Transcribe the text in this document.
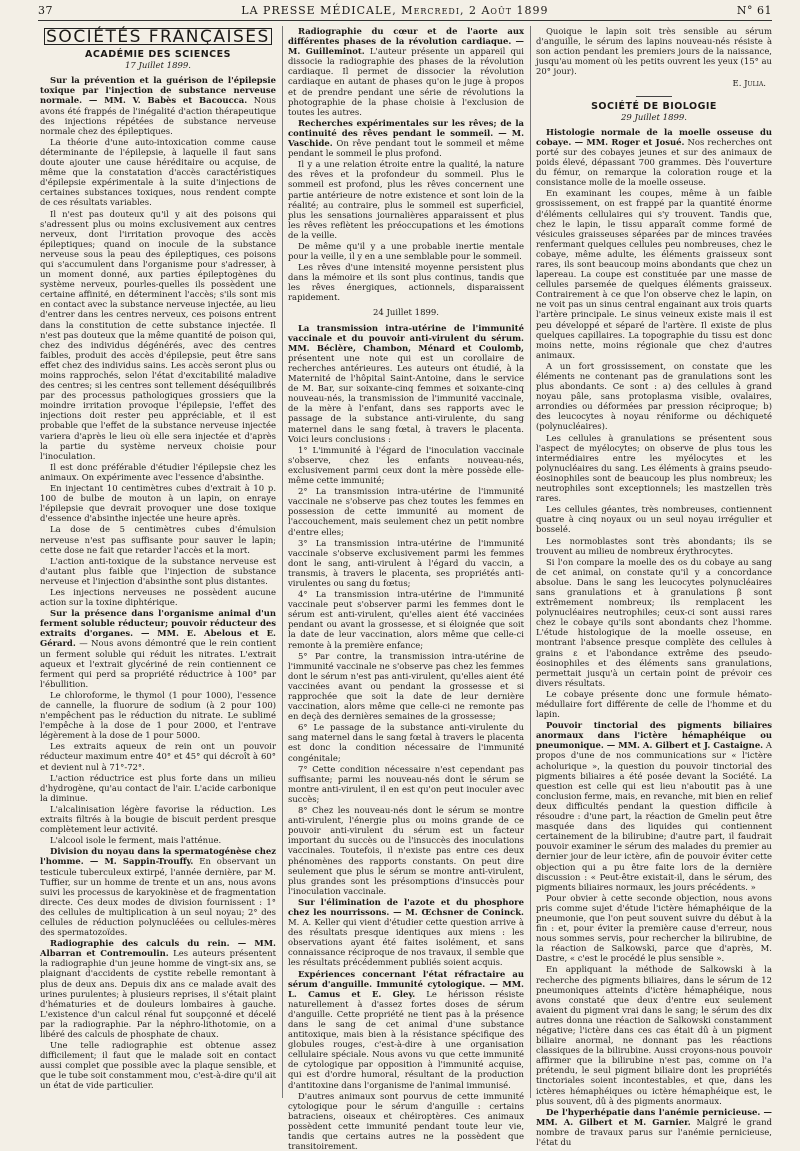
37	LA PRESSE MÉDICALE, Mercredi, 2 Août 1899	N° 61
SOCIÉTÉS FRANÇAISES
ACADÉMIE DES SCIENCES
17 Juillet 1899.

Sur la prévention et la guérison de l'épilepsie toxique par l'injection de substance nerveuse normale. — MM. V. Babès et Bacoucca. Nous avons été frappés de l'inégalité d'action thérapeutique des injections répétées de substance nerveuse normale chez des épileptiques.

La théorie d'une auto-intoxication comme cause déterminante de l'épilepsie, à laquelle il faut sans doute ajouter une cause héréditaire ou acquise, de même que la constatation d'accès caractéristiques d'épilepsie expérimentale à la suite d'injections de certaines substances toxiques, nous rendent compte de ces résultats variables.

Il n'est pas douteux qu'il y ait des poisons qui s'adressent plus ou moins exclusivement aux centres nerveux, dont l'irritation provoque des accès épileptiques; quand on inocule de la substance nerveuse sous la peau des épileptiques, ces poisons qui s'accumulent dans l'organisme pour s'adresser, à un moment donné, aux parties épileptogènes du système nerveux, pourles-quelles ils possèdent une certaine affinité, en déterminent l'accès; s'ils sont mis en contact avec la substance nerveuse injectée, au lieu d'entrer dans les centres nerveux, ces poisons entrent dans la constitution de cette substance injectée. Il n'est pas douteux que la même quantité de poison qui, chez des individus dégénérés, avec des centres faibles, produit des accès d'épilepsie, peut être sans effet chez des individus sains. Les accès seront plus ou moins rapprochés, selon l'état d'excitabilité maladive des centres; si les centres sont tellement déséquilibrés par des processus pathologiques grossiers que la moindre irritation provoque l'épilepsie, l'effet des injections doit rester peu appréciable, et il est probable que l'effet de la substance nerveuse injectée variera d'après le lieu où elle sera injectée et d'après la partie du système nerveux choisie pour l'inoculation.

Il est donc préférable d'étudier l'épilepsie chez les animaux. On expérimente avec l'essence d'absinthe.

En injectant 10 centimètres cubes d'extrait à 10 p. 100 de bulbe de mouton à un lapin, on enraye l'épilepsie que devrait provoquer une dose toxique d'essence d'absinthe injectée une heure après.

La dose de 5 centimètres cubes d'émulsion nerveuse n'est pas suffisante pour sauver le lapin; cette dose ne fait que retarder l'accès et la mort.

L'action anti-toxique de la substance nerveuse est d'autant plus faible que l'injection de substance nerveuse et l'injection d'absinthe sont plus distantes.

Les injections nerveuses ne possèdent aucune action sur la toxine diphtérique.

Sur la présence dans l'organisme animal d'un ferment soluble réducteur; pouvoir réducteur des extraits d'organes. — MM. E. Abelous et E. Gérard. — Nous avons démontré que le rein contient un ferment soluble qui réduit les nitrates. L'extrait aqueux et l'extrait glycériné de rein contiennent ce ferment qui perd sa propriété réductrice à 100° par l'ébullition.

Le chloroforme, le thymol (1 pour 1000), l'essence de cannelle, la fluorure de sodium (à 2 pour 100) n'empêchent pas le réduction du nitrate. Le sublimé l'empêche à la dose de 1 pour 2000, et l'entrave légèrement à la dose de 1 pour 5000.

Les extraits aqueux de rein ont un pouvoir réducteur maximum entre 40° et 45° qui décroît à 60° et devient nul à 71°-72°.

L'action réductrice est plus forte dans un milieu d'hydrogène, qu'au contact de l'air. L'acide carbonique la diminue.

L'alcalinisation légère favorise la réduction. Les extraits filtrés à la bougie de biscuit perdent presque complètement leur activité.

L'alcool isole le ferment, mais l'atténue.

Division du noyau dans la spermatogénèse chez l'homme. — M. Sappin-Trouffy. En observant un testicule tuberculeux extirpé, l'année dernière, par M. Tuffier, sur un homme de trente et un ans, nous avons suivi les processus de karyokinèse et de fragmentation directe. Ces deux modes de division fournissent : 1° des cellules de multiplication à un seul noyau; 2° des cellules de réduction polynucléées ou cellules-mères des spermatozoïdes.

Radiographie des calculs du rein. — MM. Albarran et Contremoulin. Les auteurs présentent la radiographie d'un jeune homme de vingt-six ans, se plaignant d'accidents de cystite rebelle remontant à plus de deux ans. Depuis dix ans ce malade avait des urines purulentes; à plusieurs reprises, il s'était plaint d'hématuries et de douleurs lombaires à gauche. L'existence d'un calcul rénal fut soupçonné et décelé par la radiographie. Par la néphro-lithotomie, on a libéré des calculs de phosphate de chaux.

Une telle radiographie est obtenue assez difficilement; il faut que le malade soit en contact aussi complet que possible avec la plaque sensible, et que le tube soit constamment mou, c'est-à-dire qu'il ait un état de vide particulier.

Radiographie du cœur et de l'aorte aux différentes phases de la révolution cardiaque. — M. Guilleminot. L'auteur présente un appareil qui dissocie la radiographie des phases de la révolution cardiaque. Il permet de dissocier la révolution cardiaque en autant de phases qu'on le juge à propos et de prendre pendant une série de révolutions la photographie de la phase choisie à l'exclusion de toutes les autres.

Recherches expérimentales sur les rêves; de la continuité des rêves pendant le sommeil. — M. Vaschide. On rêve pendant tout le sommeil et même pendant le sommeil le plus profond.

Il y a une relation étroite entre la qualité, la nature des rêves et la profondeur du sommeil. Plus le sommeil est profond, plus les rêves concernent une partie antérieure de notre existence et sont loin de la réalité; au contraire, plus le sommeil est superficiel, plus les sensations journalières apparaissent et plus les rêves reflètent les préoccupations et les émotions de la veille.

De même qu'il y a une probable inertie mentale pour la veille, il y en a une semblable pour le sommeil.

Les rêves d'une intensité moyenne persistent plus dans la mémoire et ils sont plus continus, tandis que les rêves énergiques, actionnels, disparaissent rapidement.

24 Juillet 1899.

La transmission intra-utérine de l'immunité vaccinale et du pouvoir anti-virulent du sérum. MM. Béclère, Chambon, Ménard et Coulomb, présentent une note qui est un corollaire de recherches antérieures. Les auteurs ont étudié, à la Maternité de l'hôpital Saint-Antoine, dans le service de M. Bar, sur soixante-cinq femmes et soixante-cinq nouveau-nés, la transmission de l'immunité vaccinale, de la mère à l'enfant, dans ses rapports avec le passage de la substance anti-virulente, du sang maternel dans le sang fœtal, à travers le placenta. Voici leurs conclusions :

1° L'immunité à l'égard de l'inoculation vaccinale s'observe, chez les enfants nouveau-nés, exclusivement parmi ceux dont la mère possède elle-même cette immunité;

2° La transmission intra-utérine de l'immunité vaccinale ne s'observe pas chez toutes les femmes en possession de cette immunité au moment de l'accouchement, mais seulement chez un petit nombre d'entre elles;

3° La transmission intra-utérine de l'immunité vaccinale s'observe exclusivement parmi les femmes dont le sang, anti-virulent à l'égard du vaccin, a transmis, à travers le placenta, ses propriétés anti-virulentes ou sang du fœtus;

4° La transmission intra-utérine de l'immunité vaccinale peut s'observer parmi les femmes dont le sérum est anti-virulent, qu'elles aient été vaccinées pendant ou avant la grossesse, et si éloignée que soit la date de leur vaccination, alors même que celle-ci remonte à la première enfance;

5° Par contre, la transmission intra-utérine de l'immunité vaccinale ne s'observe pas chez les femmes dont le sérum n'est pas anti-virulent, qu'elles aient été vaccinées avant ou pendant la grossesse et si rapprochée que soit la date de leur dernière vaccination, alors même que celle-ci ne remonte pas en deçà des dernières semaines de la grossesse;

6° Le passage de la substance anti-virulente du sang maternel dans le sang fœtal à travers le placenta est donc la condition nécessaire de l'immunité congénitale;

7° Cette condition nécessaire n'est cependant pas suffisante; parmi les nouveau-nés dont le sérum se montre anti-virulent, il en est qu'on peut inoculer avec succès;

8° Chez les nouveau-nés dont le sérum se montre anti-virulent, l'énergie plus ou moins grande de ce pouvoir anti-virulent du sérum est un facteur important du succès ou de l'insuccès des inoculations vaccinales. Toutefois, il n'existe pas entre ces deux phénomènes des rapports constants. On peut dire seulement que plus le sérum se montre anti-virulent, plus grandes sont les présomptions d'insuccès pour l'inoculation vaccinale.

Sur l'élimination de l'azote et du phosphore chez les nourrissons. — M. Œchsner de Coninck. M. A. Keller qui vient d'étudier cette question arrive à des résultats presque identiques aux miens : les observations ayant été faites isolément, et sans connaissance réciproque de nos travaux, il semble que les résultats précédemment publiés soient acquis.

Expériences concernant l'état réfractaire au sérum d'anguille. Immunité cytologique. — MM. L. Camus et E. Gley. Le hérisson résiste naturellement à d'assez fortes doses de sérum d'anguille. Cette propriété ne tient pas à la présence dans le sang de cet animal d'une substance antitoxique, mais bien à la résistance spécifique des globules rouges, c'est-à-dire à une organisation cellulaire spéciale. Nous avons vu que cette immunité de cytologique par opposition à l'immunité acquise, qui est d'ordre humoral, résultant de la production d'antitoxine dans l'organisme de l'animal immunisé.

D'autres animaux sont pourvus de cette immunité cytologique pour le sérum d'anguille : certains batraciens, oiseaux et chéiroptères. Ces animaux possèdent cette immunité pendant toute leur vie, tandis que certains autres ne la possèdent que transitoirement.

Quoique le lapin soit très sensible au sérum d'anguille, le sérum des lapins nouveau-nés résiste à son action pendant les premiers jours de la naissance, jusqu'au moment où les petits ouvrent les yeux (15° au 20° jour).

E. Julia.
SOCIÉTÉ DE BIOLOGIE
29 Juillet 1899.

Histologie normale de la moelle osseuse du cobaye. — MM. Roger et Josué. Nos recherches ont porté sur des cobayes jeunes et sur des animaux de poids élevé, dépassant 700 grammes. Dès l'ouverture du fémur, on remarque la coloration rouge et la consistance molle de la moelle osseuse.

En examinant les coupes, même à un faible grossissement, on est frappé par la quantité énorme d'éléments cellulaires qui s'y trouvent. Tandis que, chez le lapin, le tissu apparaît comme formé de vésicules graisseuses séparées par de minces travées renfermant quelques cellules peu nombreuses, chez le cobaye, même adulte, les éléments graisseux sont rares, ils sont beaucoup moins abondants que chez un lapereau. La coupe est constituée par une masse de cellules parsemée de quelques éléments graisseux. Contrairement à ce que l'on observe chez le lapin, on ne voit pas un sinus central engainant aux trois quarts l'artère principale. Le sinus veineux existe mais il est peu développé et séparé de l'artère. Il existe de plus quelques capillaires. La topographie du tissu est donc moins nette, moins régionale que chez d'autres animaux.

A un fort grossissement, on constate que les éléments ne contenant pas de granulations sont les plus abondants. Ce sont : a) des cellules à grand noyau pâle, sans protoplasma visible, ovalaires, arrondies ou déformées par pression réciproque; b) des leucocytes à noyau réniforme ou déchiqueté (polynucléaires).

Les cellules à granulations se présentent sous l'aspect de myélocytes; on observe de plus tous les intermédiaires entre les myélocytes et les polynucléaires du sang. Les éléments à grains pseudo-éosinophiles sont de beaucoup les plus nombreux; les neutrophiles sont exceptionnels; les mastzellen très rares.

Les cellules géantes, très nombreuses, contiennent quatre à cinq noyaux ou un seul noyau irrégulier et bosselé.

Les normoblastes sont très abondants; ils se trouvent au milieu de nombreux érythrocytes.

Si l'on compare la moelle des os du cobaye au sang de cet animal, on constate qu'il y a concordance absolue. Dans le sang les leucocytes polynucléaires sans granulations et à granulations β sont extrêmement nombreux; ils remplacent les polynucléaires neutrophiles; ceux-ci sont aussi rares chez le cobaye qu'ils sont abondants chez l'homme. L'étude histologique de la moelle osseuse, en montrant l'absence presque complète des cellules à grains ε et l'abondance extrême des pseudo-éosinophiles et des éléments sans granulations, permettait jusqu'à un certain point de prévoir ces divers résultats.

Le cobaye présente donc une formule hémato-médullaire fort différente de celle de l'homme et du lapin.

Pouvoir tinctorial des pigments biliaires anormaux dans l'ictère hémaphéique ou pneumonique. — MM. A. Gilbert et J. Castaigne. A propos d'une de nos communications sur « l'ictère acholurique », la question du pouvoir tinctorial des pigments biliaires a été posée devant la Société. La question est celle qui est lieu n'aboutit pas à une conclusion ferme, mais, en revanche, mit bien en relief deux difficultés pendant la question difficile à résoudre : d'une part, la réaction de Gmelin peut être masquée dans des liquides qui contiennent certainement de la bilirubine; d'autre part, il faudrait pouvoir examiner le sérum des malades du premier au dernier jour de leur ictère, afin de pouvoir éviter cette objection qui a pu être faite lors de la dernière discussion : « Peut-être existait-il, dans le sérum, des pigments biliaires normaux, les jours précédents. »

Pour obvier à cette seconde objection, nous avons pris comme sujet d'étude l'ictère hémaphéique de la pneumonie, que l'on peut souvent suivre du début à la fin : et, pour éviter la première cause d'erreur, nous nous sommes servis, pour rechercher la bilirubine, de la réaction de Salkowski, parce que d'après, M. Dastre, « c'est le procédé le plus sensible ».

En appliquant la méthode de Salkowski à la recherche des pigments biliaires, dans le sérum de 12 pneumoniques atteints d'ictère hémaphéique, nous avons constaté que deux d'entre eux seulement avaient du pigment vrai dans le sang; le sérum des dix autres donna une réaction de Salkowski constamment négative; l'ictère dans ces cas était dû à un pigment biliaire anormal, ne donnant pas les réactions classiques de la bilirubine. Aussi croyons-nous pouvoir affirmer que la bilirubine n'est pas, comme on l'a prétendu, le seul pigment biliaire dont les propriétés tinctoriales soient incontestables, et que, dans les ictères hémaphéiques ou ictère hémaphéique est, le plus souvent, dû à des pigments anormaux.

De l'hyperhépatie dans l'anémie pernicieuse. — MM. A. Gilbert et M. Garnier. Malgré le grand nombre de travaux parus sur l'anémie pernicieuse, l'état du
